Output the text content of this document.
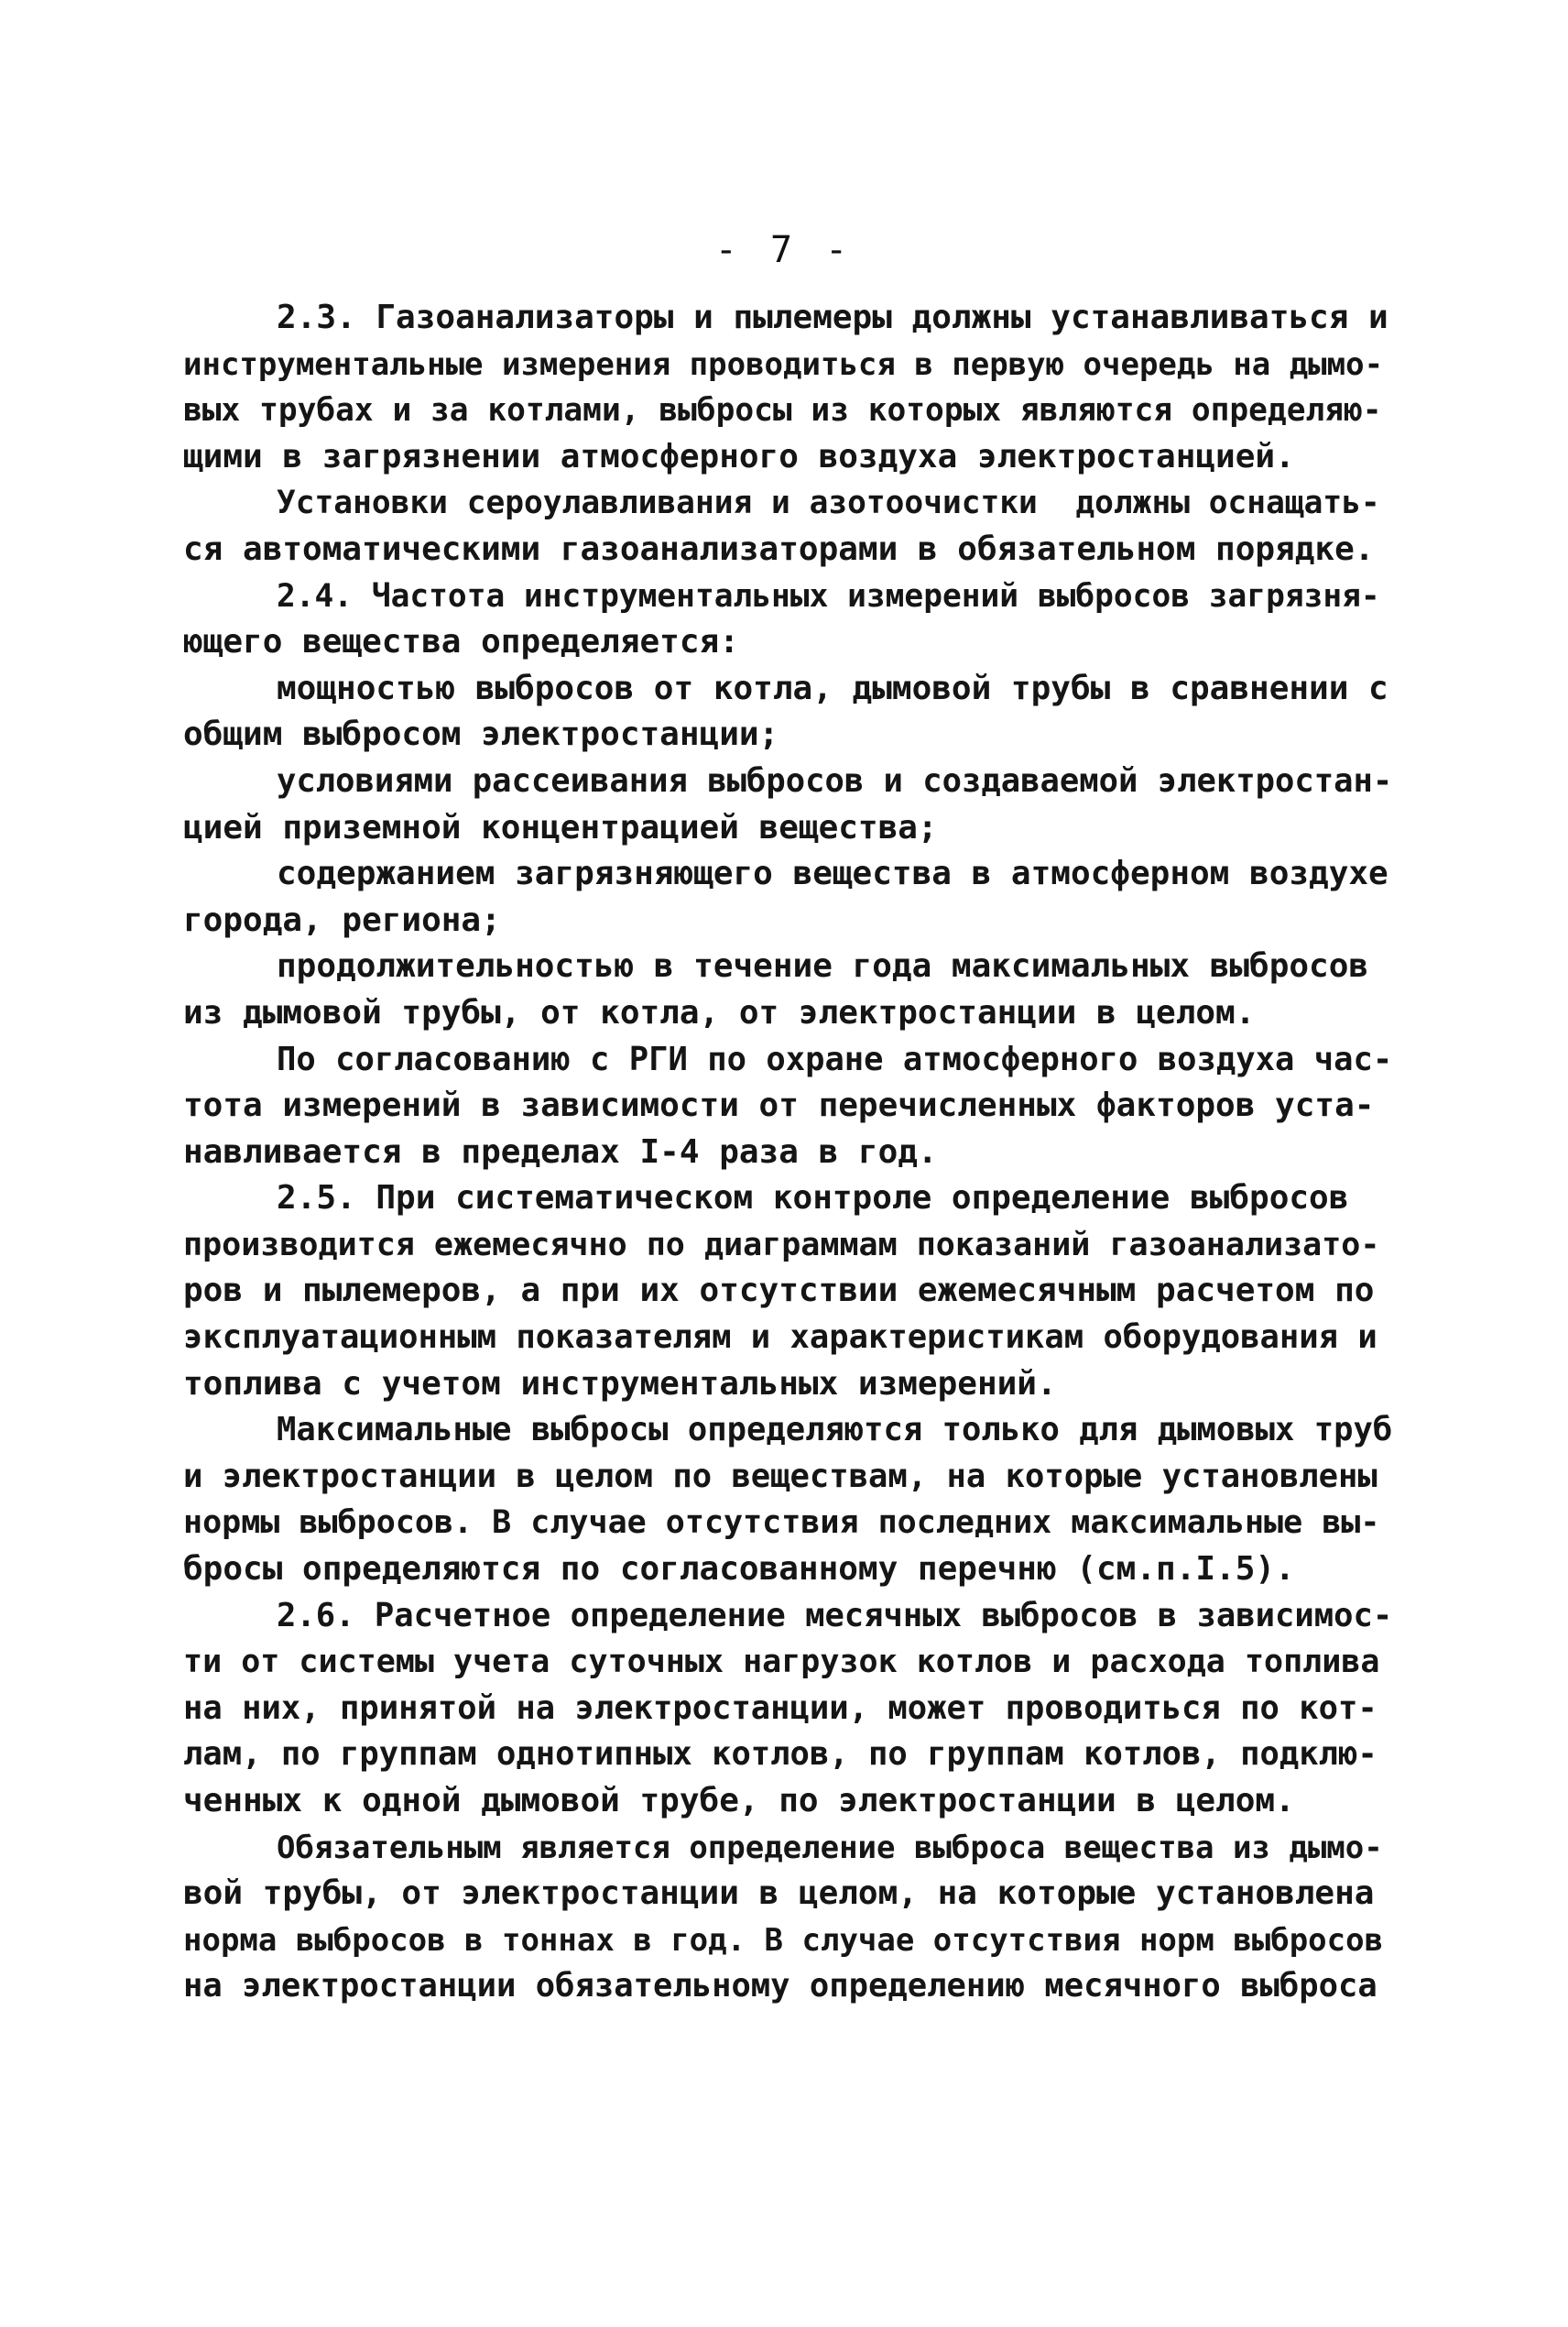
- 7 -
2.3. Газоанализаторы и пылемеры должны устанавливаться и
инструментальные измерения проводиться в первую очередь на дымо-
вых трубах и за котлами, выбросы из которых являются определяю-
щими в загрязнении атмосферного воздуха электростанцией.
Установки сероулавливания и азотоочистки  должны оснащать-
ся автоматическими газоанализаторами в обязательном порядке.
2.4. Частота инструментальных измерений выбросов загрязня-
ющего вещества определяется:
мощностью выбросов от котла, дымовой трубы в сравнении с
общим выбросом электростанции;
условиями рассеивания выбросов и создаваемой электростан-
цией приземной концентрацией вещества;
содержанием загрязняющего вещества в атмосферном воздухе
города, региона;
продолжительностью в течение года максимальных выбросов
из дымовой трубы, от котла, от электростанции в целом.
По согласованию с РГИ по охране атмосферного воздуха час-
тота измерений в зависимости от перечисленных факторов уста-
навливается в пределах I-4 раза в год.
2.5. При систематическом контроле определение выбросов
производится ежемесячно по диаграммам показаний газоанализато-
ров и пылемеров, а при их отсутствии ежемесячным расчетом по
эксплуатационным показателям и характеристикам оборудования и
топлива с учетом инструментальных измерений.
Максимальные выбросы определяются только для дымовых труб
и электростанции в целом по веществам, на которые установлены
нормы выбросов. В случае отсутствия последних максимальные вы-
бросы определяются по согласованному перечню (см.п.I.5).
2.6. Расчетное определение месячных выбросов в зависимос-
ти от системы учета суточных нагрузок котлов и расхода топлива
на них, принятой на электростанции, может проводиться по кот-
лам, по группам однотипных котлов, по группам котлов, подклю-
ченных к одной дымовой трубе, по электростанции в целом.
Обязательным является определение выброса вещества из дымо-
вой трубы, от электростанции в целом, на которые установлена
норма выбросов в тоннах в год. В случае отсутствия норм выбросов
на электростанции обязательному определению месячного выброса
